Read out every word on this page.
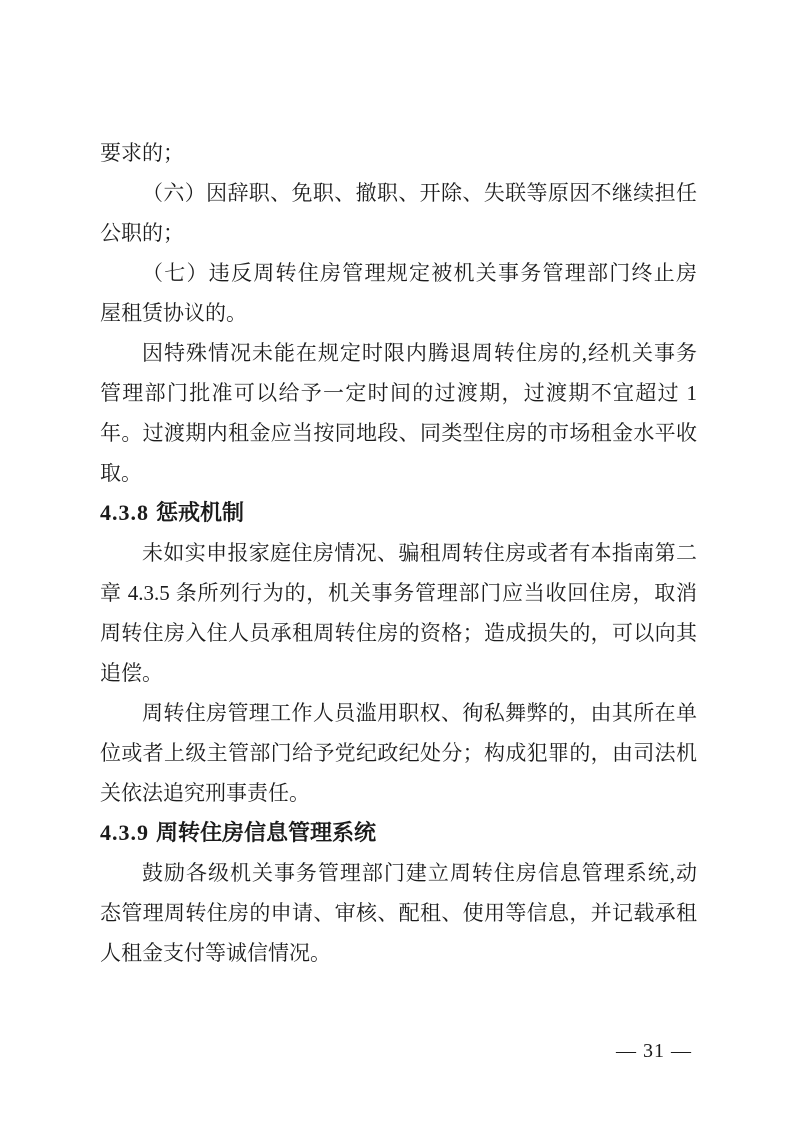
要求的；

（六）因辞职、免职、撤职、开除、失联等原因不继续担任
公职的；

（七）违反周转住房管理规定被机关事务管理部门终止房
屋租赁协议的。

因特殊情况未能在规定时限内腾退周转住房的,经机关事务
管理部门批准可以给予一定时间的过渡期，过渡期不宜超过 1
年。过渡期内租金应当按同地段、同类型住房的市场租金水平收
取。

4.3.8 惩戒机制

未如实申报家庭住房情况、骗租周转住房或者有本指南第二
章 4.3.5 条所列行为的，机关事务管理部门应当收回住房，取消
周转住房入住人员承租周转住房的资格；造成损失的，可以向其
追偿。

周转住房管理工作人员滥用职权、徇私舞弊的，由其所在单
位或者上级主管部门给予党纪政纪处分；构成犯罪的，由司法机
关依法追究刑事责任。

4.3.9 周转住房信息管理系统

鼓励各级机关事务管理部门建立周转住房信息管理系统,动
态管理周转住房的申请、审核、配租、使用等信息，并记载承租
人租金支付等诚信情况。

— 31 —
